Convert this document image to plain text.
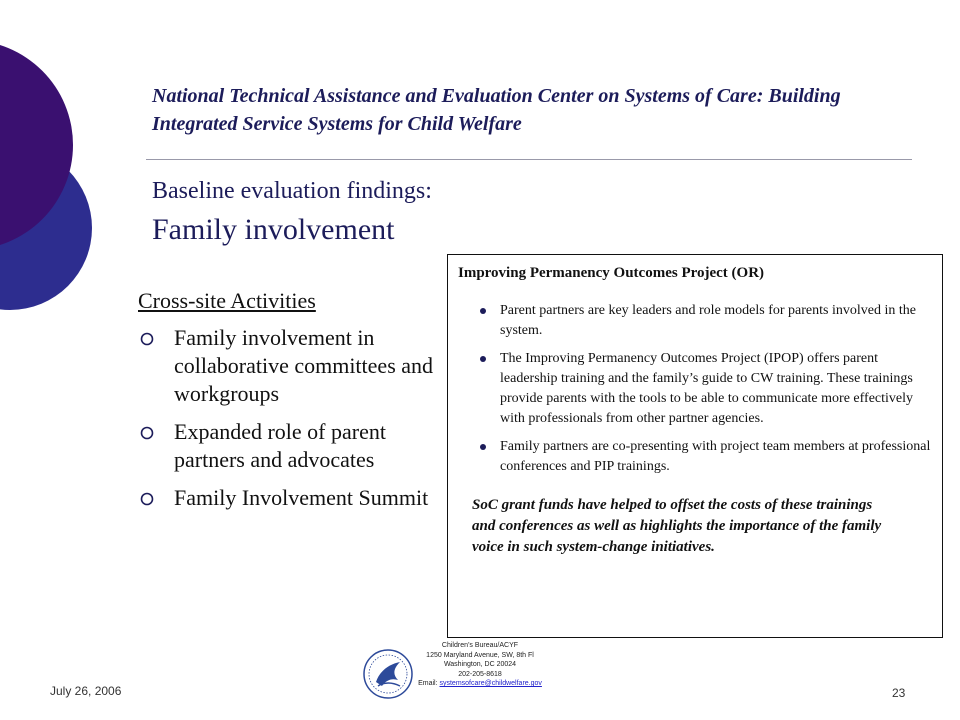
National Technical Assistance and Evaluation Center on Systems of Care: Building Integrated Service Systems for Child Welfare
Baseline evaluation findings:
Family involvement
Cross-site Activities
Family involvement in collaborative committees and workgroups
Expanded role of parent partners and advocates
Family Involvement Summit
Improving Permanency Outcomes Project (OR)
Parent partners are key leaders and role models for parents involved in the system.
The Improving Permanency Outcomes Project (IPOP) offers parent leadership training and the family’s guide to CW training. These trainings provide parents with the tools to be able to communicate more effectively with professionals from other partner agencies.
Family partners are co-presenting with project team members at professional conferences and PIP trainings.
SoC grant funds have helped to offset the costs of these trainings and conferences as well as highlights the importance of the family voice in such system-change initiatives.
July 26, 2006
Children’s Bureau/ACYF
1250 Maryland Avenue, SW, 8th Fl
Washington, DC 20024
202-205-8618
Email: systemsofcare@childwelfare.gov
23
